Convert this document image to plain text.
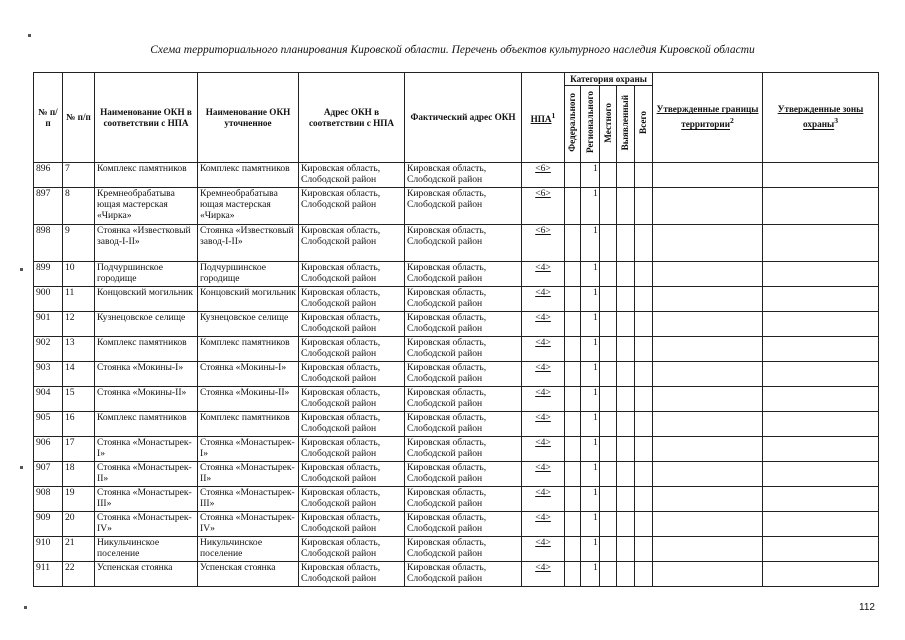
Схема территориального планирования Кировской области. Перечень объектов культурного наследия Кировской области
№ п/п	№ п/п	Наименование ОКН в соответствии с НПА	Наименование ОКН уточненное	Адрес ОКН в соответствии с НПА	Фактический адрес ОКН	НПА$^1$	Категория охраны					Утвержденные границы территории$^2$	Утвержденные зоны охраны$^3$
							Федерального	Регионального	Местного	Выявленный	Всего		
896	7	Комплекс памятников	Комплекс памятников	Кировская область, Слободской район	Кировская область, Слободской район	<6>		1					
897	8	Кремнеобрабатыва ющая мастерская «Чирка»	Кремнеобрабатыва ющая мастерская «Чирка»	Кировская область, Слободской район	Кировская область, Слободской район	<6>		1					
898	9	Стоянка «Известковый завод-I-II»	Стоянка «Известковый завод-I-II»	Кировская область, Слободской район	Кировская область, Слободской район	<6>		1					
899	10	Подчуршинское городище	Подчуршинское городище	Кировская область, Слободской район	Кировская область, Слободской район	<4>		1					
900	11	Концовский могильник	Концовский могильник	Кировская область, Слободской район	Кировская область, Слободской район	<4>		1					
901	12	Кузнецовское селище	Кузнецовское селище	Кировская область, Слободской район	Кировская область, Слободской район	<4>		1					
902	13	Комплекс памятников	Комплекс памятников	Кировская область, Слободской район	Кировская область, Слободской район	<4>		1					
903	14	Стоянка «Мокины-I»	Стоянка «Мокины-I»	Кировская область, Слободской район	Кировская область, Слободской район	<4>		1					
904	15	Стоянка «Мокины-II»	Стоянка «Мокины-II»	Кировская область, Слободской район	Кировская область, Слободской район	<4>		1					
905	16	Комплекс памятников	Комплекс памятников	Кировская область, Слободской район	Кировская область, Слободской район	<4>		1					
906	17	Стоянка «Монастырек-I»	Стоянка «Монастырек-I»	Кировская область, Слободской район	Кировская область, Слободской район	<4>		1					
907	18	Стоянка «Монастырек-II»	Стоянка «Монастырек-II»	Кировская область, Слободской район	Кировская область, Слободской район	<4>		1					
908	19	Стоянка «Монастырек-III»	Стоянка «Монастырек-III»	Кировская область, Слободской район	Кировская область, Слободской район	<4>		1					
909	20	Стоянка «Монастырек-IV»	Стоянка «Монастырек-IV»	Кировская область, Слободской район	Кировская область, Слободской район	<4>		1					
910	21	Никульчинское поселение	Никульчинское поселение	Кировская область, Слободской район	Кировская область, Слободской район	<4>		1					
911	22	Успенская стоянка	Успенская стоянка	Кировская область, Слободской район	Кировская область, Слободской район	<4>		1					
112
